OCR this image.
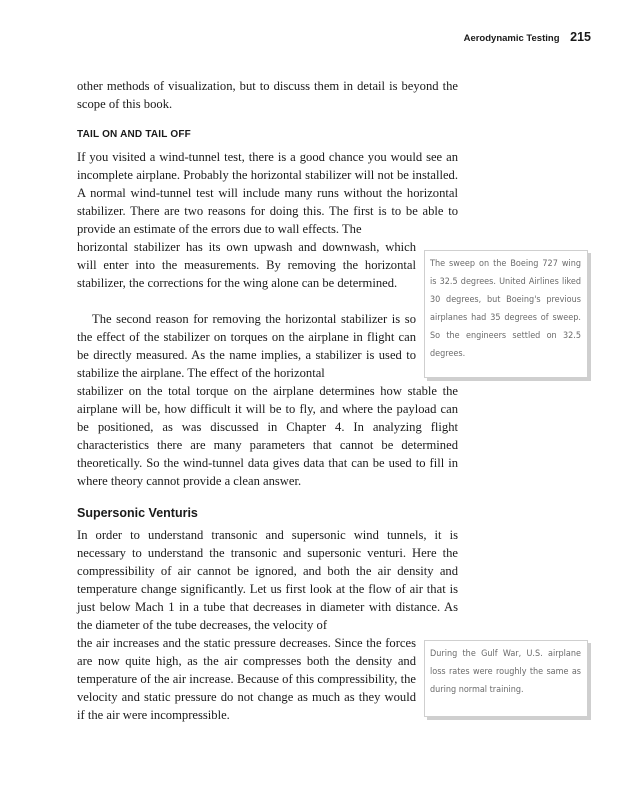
Aerodynamic Testing 215

other methods of visualization, but to discuss them in detail is beyond the scope of this book.

TAIL ON AND TAIL OFF

If you visited a wind-tunnel test, there is a good chance you would see an incomplete airplane. Probably the horizontal stabilizer will not be installed. A normal wind-tunnel test will include many runs without the horizontal stabilizer. There are two reasons for doing this. The first is to be able to provide an estimate of the errors due to wall effects. The

horizontal stabilizer has its own upwash and downwash, which will enter into the measurements. By removing the horizontal stabilizer, the corrections for the wing alone can be determined.

The second reason for removing the horizontal stabilizer is so the effect of the stabilizer on torques on the airplane in flight can be directly measured. As the name implies, a stabilizer is used to stabilize the airplane. The effect of the horizontal

stabilizer on the total torque on the airplane determines how stable the airplane will be, how difficult it will be to fly, and where the payload can be positioned, as was discussed in Chapter 4. In analyzing flight characteristics there are many parameters that cannot be determined theoretically. So the wind-tunnel data gives data that can be used to fill in where theory cannot provide a clean answer.

Supersonic Venturis

In order to understand transonic and supersonic wind tunnels, it is necessary to understand the transonic and supersonic venturi. Here the compressibility of air cannot be ignored, and both the air density and temperature change significantly. Let us first look at the flow of air that is just below Mach 1 in a tube that decreases in diameter with distance. As the diameter of the tube decreases, the velocity of

the air increases and the static pressure decreases. Since the forces are now quite high, as the air compresses both the density and temperature of the air increase. Because of this compressibility, the velocity and static pressure do not change as much as they would if the air were incompressible.

The sweep on the Boeing 727 wing is 32.5 degrees. United Airlines liked 30 degrees, but Boeing's previous airplanes had 35 degrees of sweep. So the engineers settled on 32.5 degrees.
During the Gulf War, U.S. airplane loss rates were roughly the same as during normal training.
